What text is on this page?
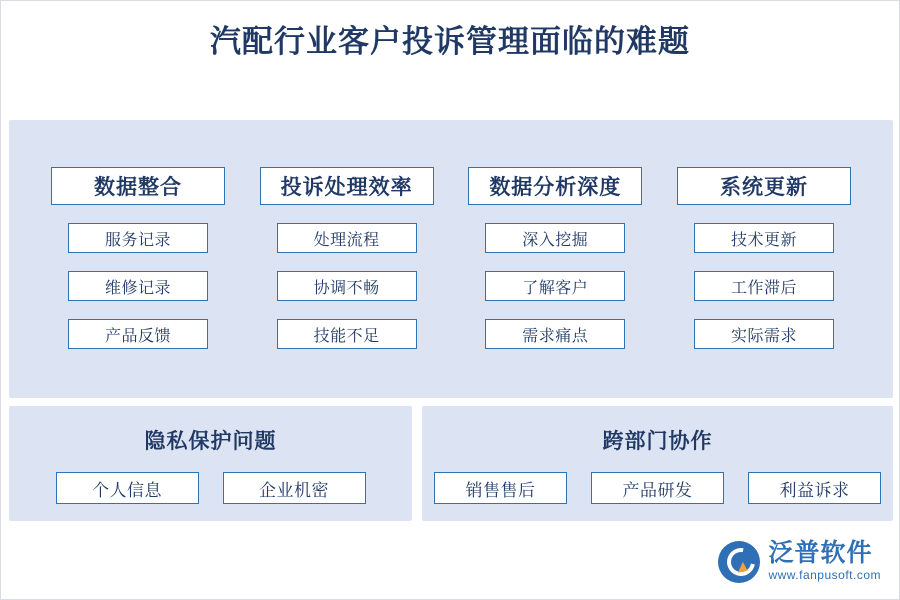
汽配行业客户投诉管理面临的难题
数据整合
服务记录
维修记录
产品反馈
投诉处理效率
处理流程
协调不畅
技能不足
数据分析深度
深入挖掘
了解客户
需求痛点
系统更新
技术更新
工作滞后
实际需求
隐私保护问题
个人信息	企业机密
跨部门协作
销售售后	产品研发	利益诉求
泛普软件
www.fanpusoft.com
